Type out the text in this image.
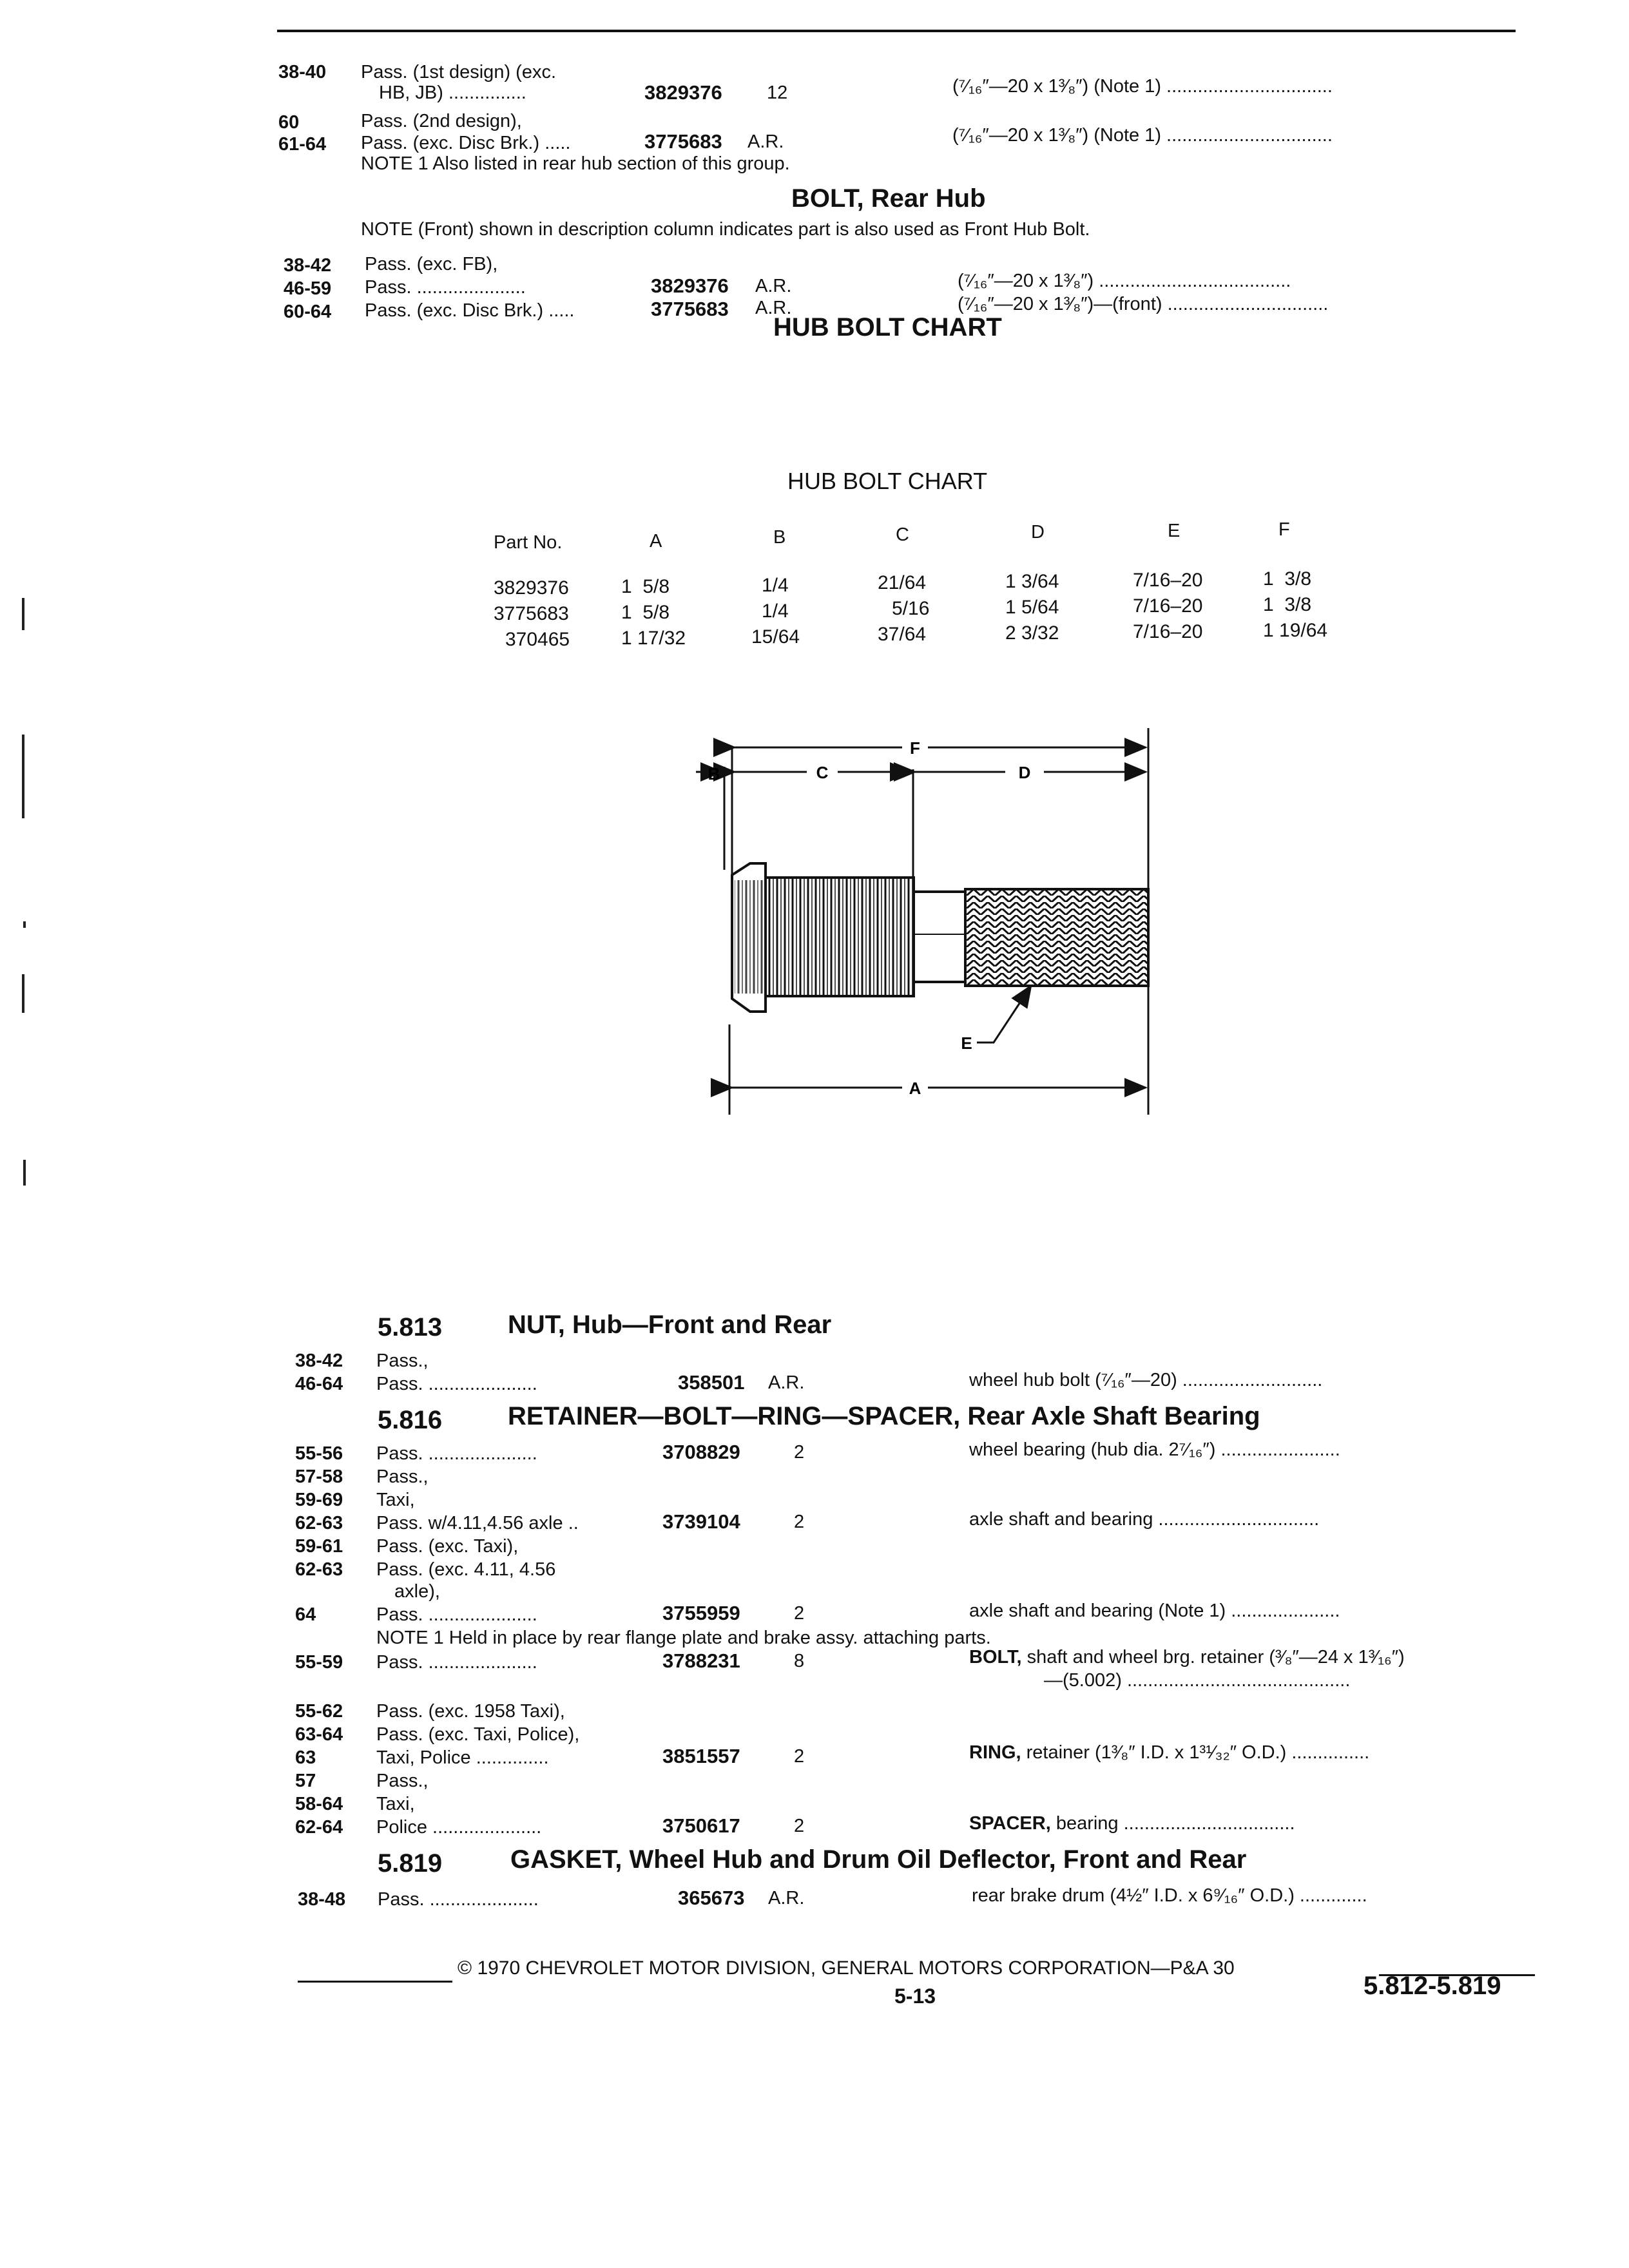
38-40 Pass. (1st design) (exc.
HB, JB) ...............	3829376 12	(⁷⁄₁₆″—20 x 1³⁄₈″) (Note 1) ................................
60	Pass. (2nd design),
61-64 Pass. (exc. Disc Brk.) .....	3775683 A.R.	(⁷⁄₁₆″—20 x 1³⁄₈″) (Note 1) ................................
NOTE 1 Also listed in rear hub section of this group.
BOLT, Rear Hub
NOTE (Front) shown in description column indicates part is also used as Front Hub Bolt.
38-42 Pass. (exc. FB),
46-59 Pass. .....................	3829376 A.R.	(⁷⁄₁₆″—20 x 1³⁄₈″) .....................................
60-64 Pass. (exc. Disc Brk.) .....	3775683 A.R.	(⁷⁄₁₆″—20 x 1³⁄₈″)—(front) ...............................
HUB BOLT CHART
HUB BOLT CHART
Part No.	A	B	C	D	E	F
3829376	1  5/8	1/4	21/64	1 3/64	7/16–20	1  3/8
3775683	1  5/8	1/4	5/16	1 5/64	7/16–20	1  3/8
370465	1 17/32	15/64	37/64	2 3/32	7/16–20	1 19/64
B	C	D
F
A
E
5.813	NUT, Hub—Front and Rear
38-42 Pass.,
46-64 Pass. .....................	358501 A.R.	wheel hub bolt (⁷⁄₁₆″—20) ...........................
5.816	RETAINER—BOLT—RING—SPACER, Rear Axle Shaft Bearing
55-56 Pass. .....................	3708829	2	wheel bearing (hub dia. 2⁷⁄₁₆″) .......................
57-58 Pass.,
59-69 Taxi,
62-63 Pass. w/4.11,4.56 axle ..	3739104	2	axle shaft and bearing ...............................
59-61 Pass. (exc. Taxi),
62-63 Pass. (exc. 4.11, 4.56
axle),
64	Pass. .....................	3755959	2	axle shaft and bearing (Note 1) .....................
NOTE 1 Held in place by rear flange plate and brake assy. attaching parts.
55-59 Pass. .....................	3788231	8	BOLT, shaft and wheel brg. retainer (³⁄₈″—24 x 1³⁄₁₆″)
—(5.002) ...........................................
55-62 Pass. (exc. 1958 Taxi),
63-64 Pass. (exc. Taxi, Police),
63	Taxi, Police ..............	3851557	2	RING, retainer (1³⁄₈″ I.D. x 1³¹⁄₃₂″ O.D.) ...............
57	Pass.,
58-64 Taxi,
62-64 Police .....................	3750617	2	SPACER, bearing .................................
5.819	GASKET, Wheel Hub and Drum Oil Deflector, Front and Rear
38-48 Pass. .....................	365673 A.R.	rear brake drum (4½″ I.D. x 6⁹⁄₁₆″ O.D.) .............
© 1970 CHEVROLET MOTOR DIVISION, GENERAL MOTORS CORPORATION—P&A 30
5-13	5.812-5.819
